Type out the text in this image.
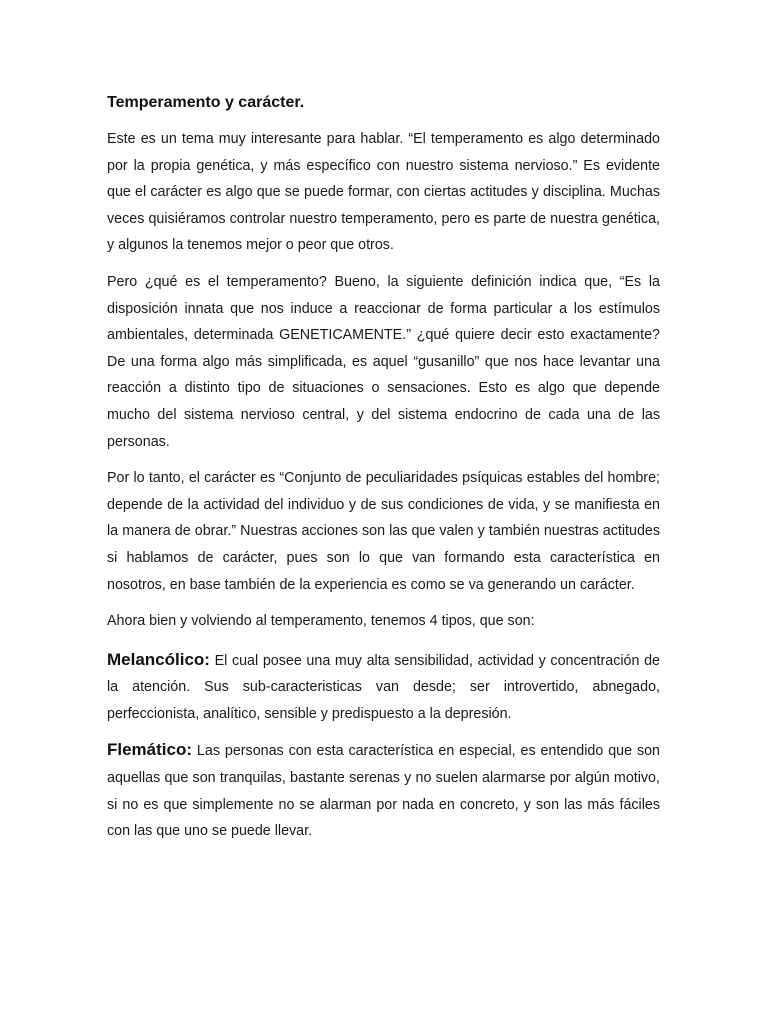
Temperamento y carácter.

Este es un tema muy interesante para hablar. “El temperamento es algo determinado por la propia genética, y más específico con nuestro sistema nervioso.” Es evidente que el carácter es algo que se puede formar, con ciertas actitudes y disciplina. Muchas veces quisiéramos controlar nuestro temperamento, pero es parte de nuestra genética, y algunos la tenemos mejor o peor que otros.

Pero ¿qué es el temperamento? Bueno, la siguiente definición indica que, “Es la disposición innata que nos induce a reaccionar de forma particular a los estímulos ambientales, determinada GENETICAMENTE.” ¿qué quiere decir esto exactamente? De una forma algo más simplificada, es aquel “gusanillo” que nos hace levantar una reacción a distinto tipo de situaciones o sensaciones. Esto es algo que depende mucho del sistema nervioso central, y del sistema endocrino de cada una de las personas.

Por lo tanto, el carácter es “Conjunto de peculiaridades psíquicas estables del hombre; depende de la actividad del individuo y de sus condiciones de vida, y se manifiesta en la manera de obrar.” Nuestras acciones son las que valen y también nuestras actitudes si hablamos de carácter, pues son lo que van formando esta característica en nosotros, en base también de la experiencia es como se va generando un carácter.

Ahora bien y volviendo al temperamento, tenemos 4 tipos, que son:

Melancólico: El cual posee una muy alta sensibilidad, actividad y concentración de la atención. Sus sub-caracteristicas van desde; ser introvertido, abnegado, perfeccionista, analítico, sensible y predispuesto a la depresión.

Flemático: Las personas con esta característica en especial, es entendido que son aquellas que son tranquilas, bastante serenas y no suelen alarmarse por algún motivo, si no es que simplemente no se alarman por nada en concreto, y son las más fáciles con las que uno se puede llevar.
